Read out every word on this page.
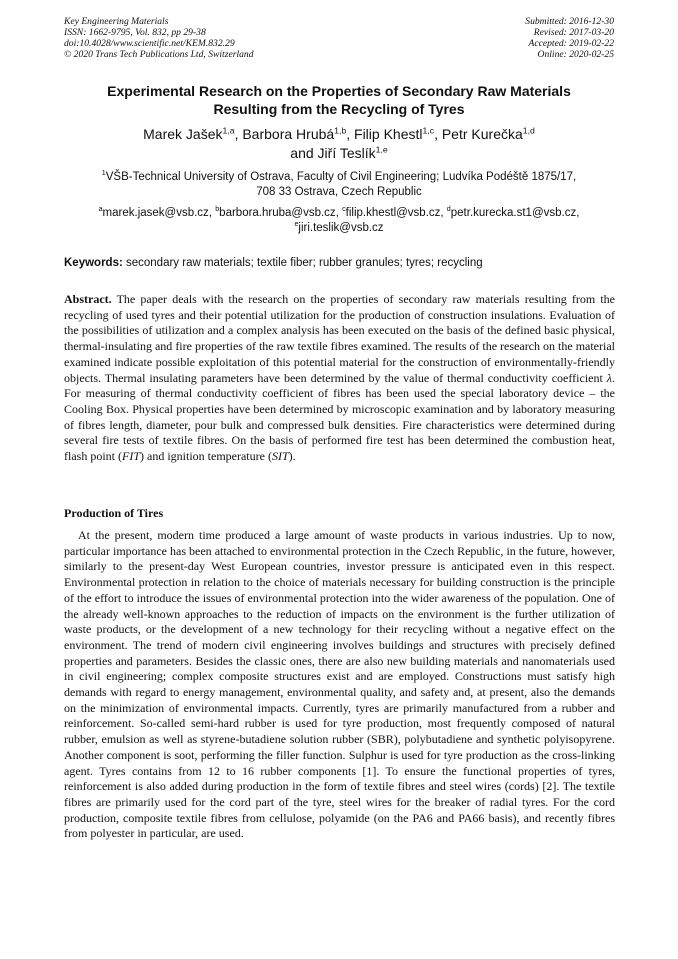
Key Engineering Materials
ISSN: 1662-9795, Vol. 832, pp 29-38
doi:10.4028/www.scientific.net/KEM.832.29
© 2020 Trans Tech Publications Ltd, Switzerland
Submitted: 2016-12-30
Revised: 2017-03-20
Accepted: 2019-02-22
Online: 2020-02-25
Experimental Research on the Properties of Secondary Raw Materials
Resulting from the Recycling of Tyres
Marek Jašek$^{1,a}$, Barbora Hrubá$^{1,b}$, Filip Khestl$^{1,c}$, Petr Kurečka$^{1,d}$
and Jiří Teslík$^{1,e}$
$^1$VŠB-Technical University of Ostrava, Faculty of Civil Engineering; Ludvíka Podéště 1875/17,
708 33 Ostrava, Czech Republic
$^a$marek.jasek@vsb.cz, $^b$barbora.hruba@vsb.cz, $^c$filip.khestl@vsb.cz, $^d$petr.kurecka.st1@vsb.cz,
$^e$jiri.teslik@vsb.cz
Keywords: secondary raw materials; textile fiber; rubber granules; tyres; recycling
Abstract. The paper deals with the research on the properties of secondary raw materials resulting from the recycling of used tyres and their potential utilization for the production of construction insulations. Evaluation of the possibilities of utilization and a complex analysis has been executed on the basis of the defined basic physical, thermal-insulating and fire properties of the raw textile fibres examined. The results of the research on the material examined indicate possible exploitation of this potential material for the construction of environmentally-friendly objects. Thermal insulating parameters have been determined by the value of thermal conductivity coefficient λ. For measuring of thermal conductivity coefficient of fibres has been used the special laboratory device – the Cooling Box. Physical properties have been determined by microscopic examination and by laboratory measuring of fibres length, diameter, pour bulk and compressed bulk densities. Fire characteristics were determined during several fire tests of textile fibres. On the basis of performed fire test has been determined the combustion heat, flash point (FIT) and ignition temperature (SIT).
Production of Tires
At the present, modern time produced a large amount of waste products in various industries. Up to now, particular importance has been attached to environmental protection in the Czech Republic, in the future, however, similarly to the present-day West European countries, investor pressure is anticipated even in this respect. Environmental protection in relation to the choice of materials necessary for building construction is the principle of the effort to introduce the issues of environmental protection into the wider awareness of the population. One of the already well-known approaches to the reduction of impacts on the environment is the further utilization of waste products, or the development of a new technology for their recycling without a negative effect on the environment. The trend of modern civil engineering involves buildings and structures with precisely defined properties and parameters. Besides the classic ones, there are also new building materials and nanomaterials used in civil engineering; complex composite structures exist and are employed. Constructions must satisfy high demands with regard to energy management, environmental quality, and safety and, at present, also the demands on the minimization of environmental impacts. Currently, tyres are primarily manufactured from a rubber and reinforcement. So-called semi-hard rubber is used for tyre production, most frequently composed of natural rubber, emulsion as well as styrene-butadiene solution rubber (SBR), polybutadiene and synthetic polyisopyrene. Another component is soot, performing the filler function. Sulphur is used for tyre production as the cross-linking agent. Tyres contains from 12 to 16 rubber components [1]. To ensure the functional properties of tyres, reinforcement is also added during production in the form of textile fibres and steel wires (cords) [2]. The textile fibres are primarily used for the cord part of the tyre, steel wires for the breaker of radial tyres. For the cord production, composite textile fibres from cellulose, polyamide (on the PA6 and PA66 basis), and recently fibres from polyester in particular, are used.
